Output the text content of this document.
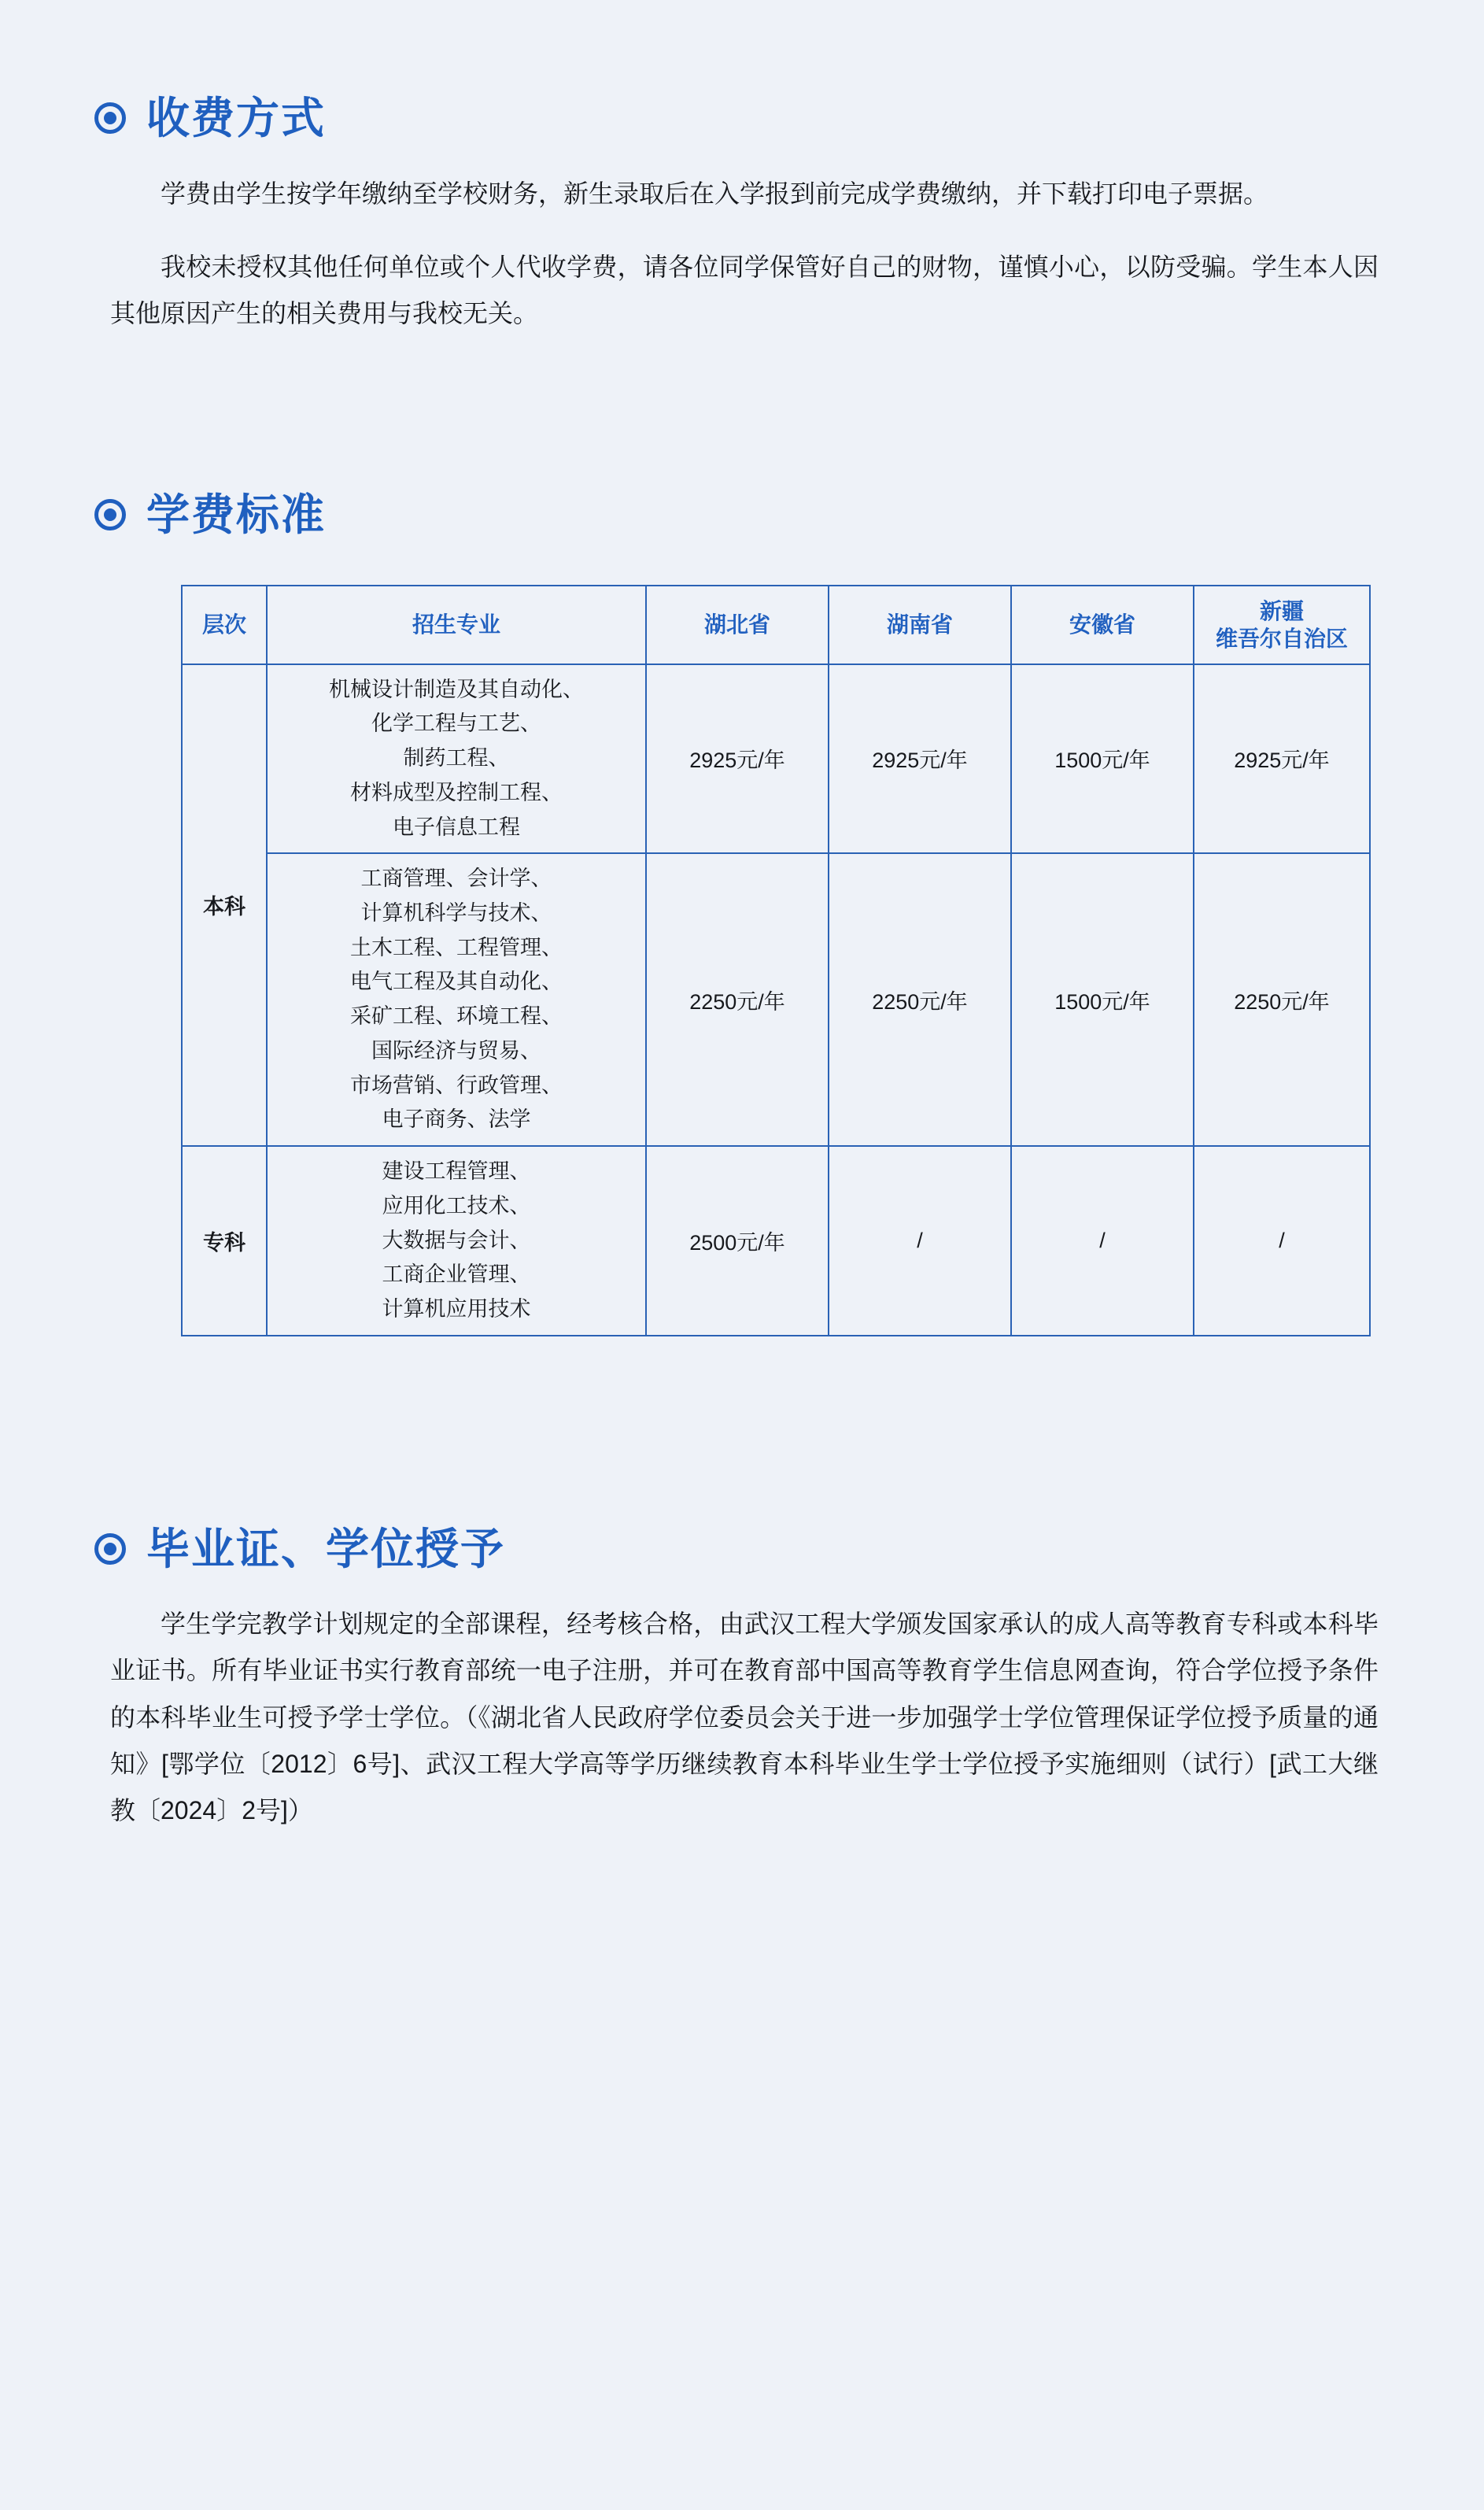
收费方式

学费由学生按学年缴纳至学校财务，新生录取后在入学报到前完成学费缴纳，并下载打印电子票据。

我校未授权其他任何单位或个人代收学费，请各位同学保管好自己的财物，谨慎小心，以防受骗。学生本人因其他原因产生的相关费用与我校无关。

学费标准
层次	招生专业	湖北省	湖南省	安徽省	新疆
维吾尔自治区

本科	机械设计制造及其自动化、
化学工程与工艺、
制药工程、
材料成型及控制工程、
电子信息工程	2925元/年	2925元/年	1500元/年	2925元/年
工商管理、会计学、
计算机科学与技术、
土木工程、工程管理、
电气工程及其自动化、
采矿工程、环境工程、
国际经济与贸易、
市场营销、行政管理、
电子商务、法学	2250元/年	2250元/年	1500元/年	2250元/年
专科	建设工程管理、
应用化工技术、
大数据与会计、
工商企业管理、
计算机应用技术	2500元/年	/	/	/
毕业证、学位授予

学生学完教学计划规定的全部课程，经考核合格，由武汉工程大学颁发国家承认的成人高等教育专科或本科毕业证书。所有毕业证书实行教育部统一电子注册，并可在教育部中国高等教育学生信息网查询，符合学位授予条件的本科毕业生可授予学士学位。（《湖北省人民政府学位委员会关于进一步加强学士学位管理保证学位授予质量的通知》[鄂学位〔2012〕6号]、武汉工程大学高等学历继续教育本科毕业生学士学位授予实施细则（试行）[武工大继教〔2024〕2号]）
